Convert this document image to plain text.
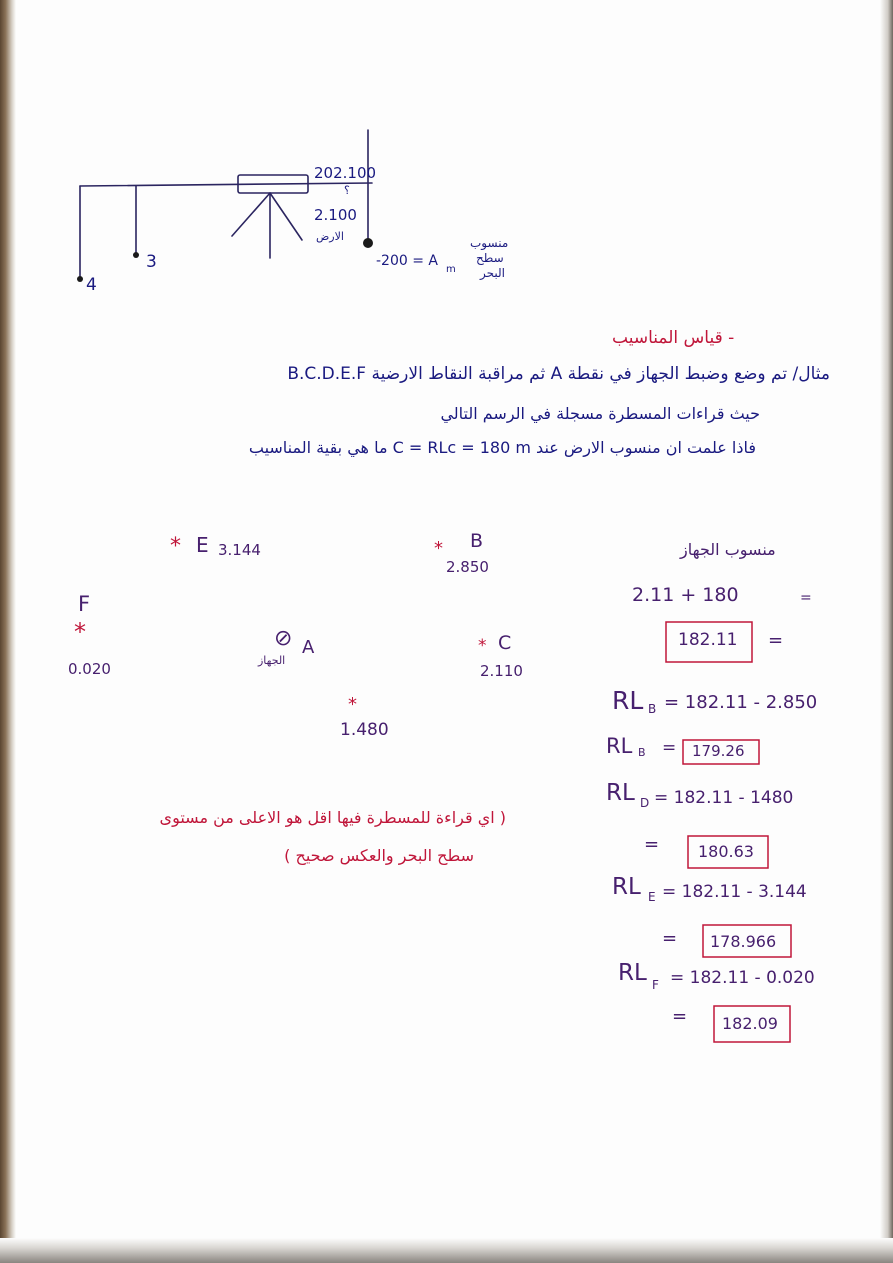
202.100
؟
2.100
الارض
-200 = A
m
منسوب
سطح
البحر
3
4
- قياس المناسيب
مثال/ تم وضع وضبط الجهاز في نقطة A ثم مراقبة النقاط الارضية B.C.D.E.F
حيث قراءات المسطرة مسجلة في الرسم التالي
فاذا علمت ان منسوب الارض عند C = RLc = 180 m ما هي بقية المناسيب
* E 3.144	* B
2.850
F
*
0.020
⊘ A
الجهاز
* C
2.110
*
1.480
منسوب الجهاز
2.11 + 180	=
182.11 =
RL B = 182.11 - 2.850
RL B = 179.26
RL D = 182.11 - 1480
= 180.63
RL E = 182.11 - 3.144
= 178.966
RL F = 182.11 - 0.020
= 182.09
( اي قراءة للمسطرة فيها اقل هو الاعلى من مستوى
سطح البحر والعكس صحيح )
